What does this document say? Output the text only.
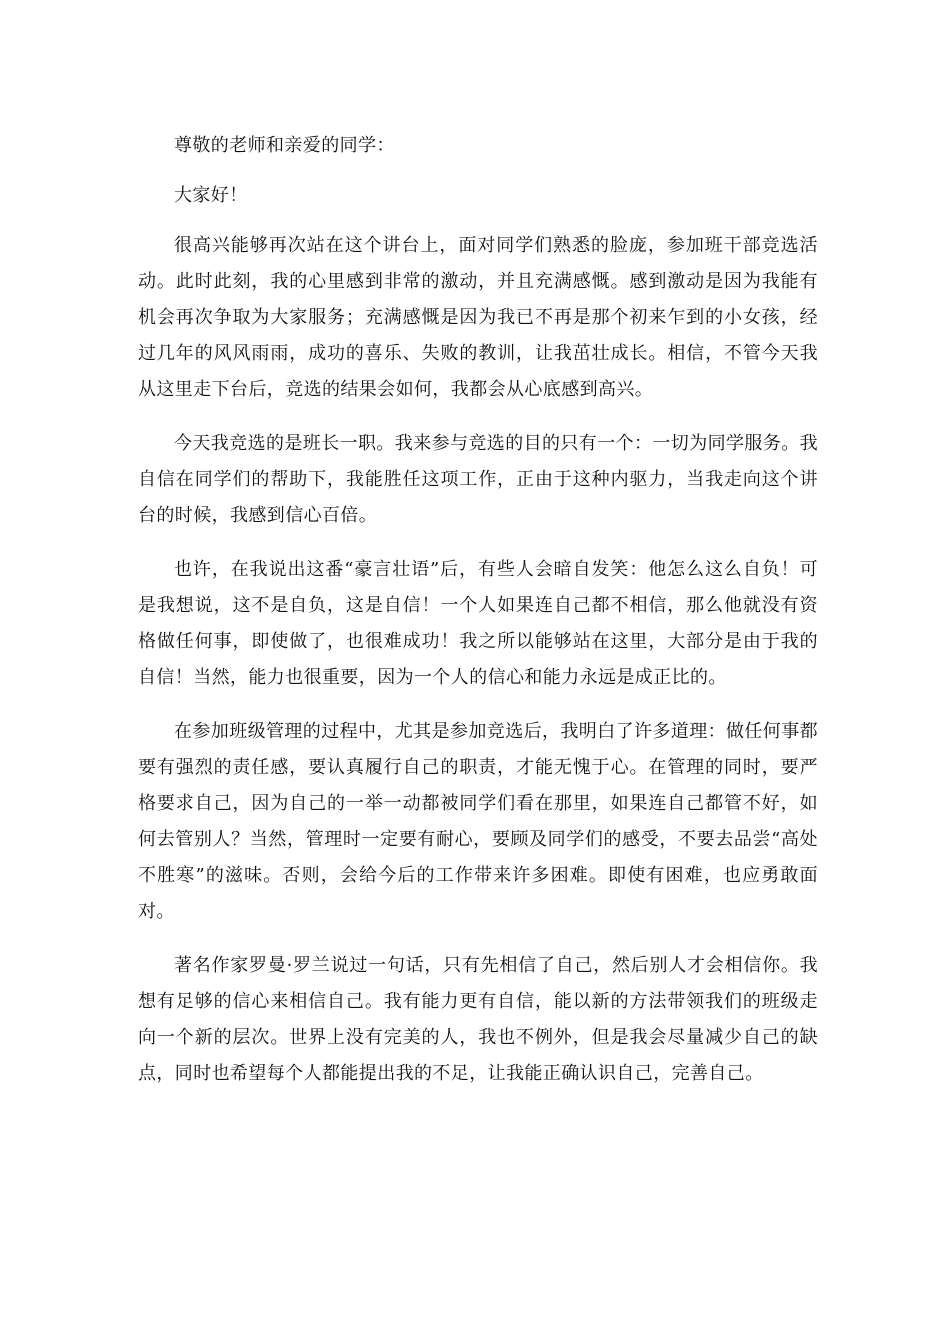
尊敬的老师和亲爱的同学：

大家好！

很高兴能够再次站在这个讲台上，面对同学们熟悉的脸庞，参加班干部竞选活动。此时此刻，我的心里感到非常的激动，并且充满感慨。感到激动是因为我能有机会再次争取为大家服务；充满感慨是因为我已不再是那个初来乍到的小女孩，经过几年的风风雨雨，成功的喜乐、失败的教训，让我茁壮成长。相信，不管今天我从这里走下台后，竞选的结果会如何，我都会从心底感到高兴。

今天我竞选的是班长一职。我来参与竞选的目的只有一个：一切为同学服务。我自信在同学们的帮助下，我能胜任这项工作，正由于这种内驱力，当我走向这个讲台的时候，我感到信心百倍。

也许，在我说出这番“豪言壮语”后，有些人会暗自发笑：他怎么这么自负！可是我想说，这不是自负，这是自信！一个人如果连自己都不相信，那么他就没有资格做任何事，即使做了，也很难成功！我之所以能够站在这里，大部分是由于我的自信！当然，能力也很重要，因为一个人的信心和能力永远是成正比的。

在参加班级管理的过程中，尤其是参加竞选后，我明白了许多道理：做任何事都要有强烈的责任感，要认真履行自己的职责，才能无愧于心。在管理的同时，要严格要求自己，因为自己的一举一动都被同学们看在那里，如果连自己都管不好，如何去管别人？当然，管理时一定要有耐心，要顾及同学们的感受，不要去品尝“高处不胜寒”的滋味。否则，会给今后的工作带来许多困难。即使有困难，也应勇敢面对。

著名作家罗曼·罗兰说过一句话，只有先相信了自己，然后别人才会相信你。我想有足够的信心来相信自己。我有能力更有自信，能以新的方法带领我们的班级走向一个新的层次。世界上没有完美的人，我也不例外，但是我会尽量减少自己的缺点，同时也希望每个人都能提出我的不足，让我能正确认识自己，完善自己。
